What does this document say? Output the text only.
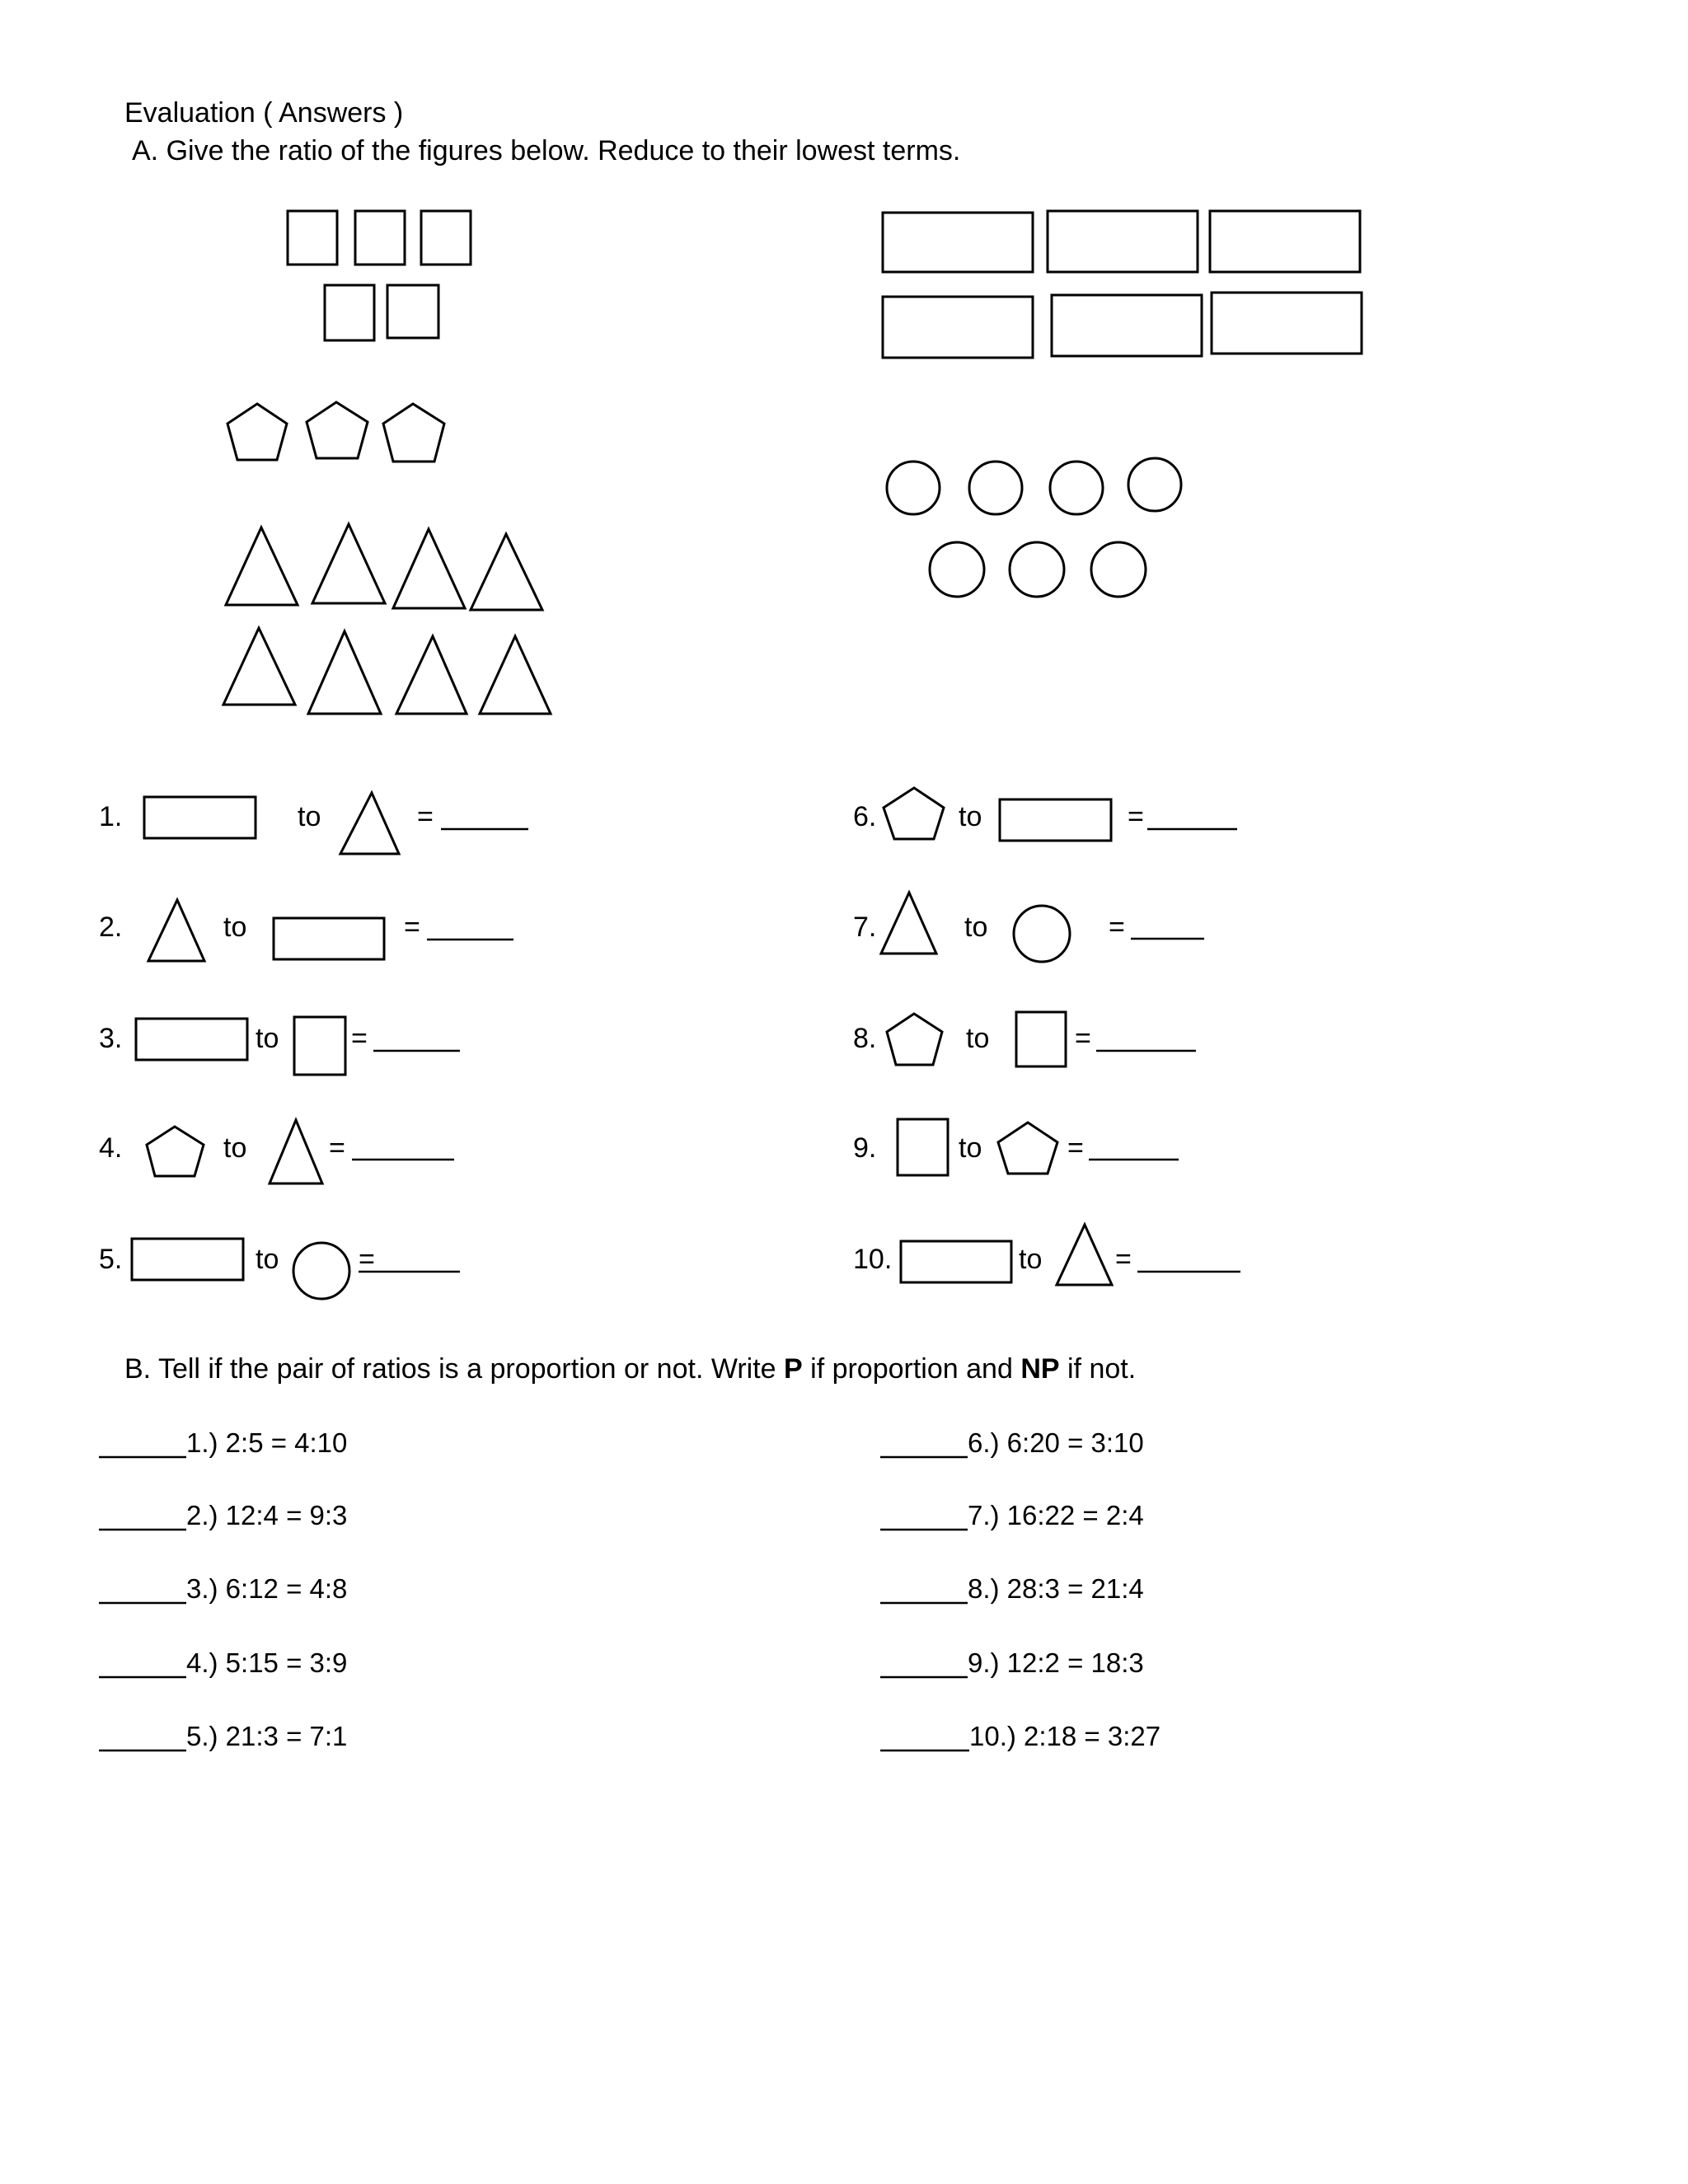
Evaluation ( Answers )
A. Give the ratio of the figures below. Reduce to their lowest terms.
1.	to	=
2.	to	=
3.	to	=
4.	to	=
5.	to	=
6.	to	=
7.	to	=
8.	to	=
9.	to	=
10.	to	=
B. Tell if the pair of ratios is a proportion or not. Write P if proportion and NP if not.
1.) 2:5 = 4:10
2.) 12:4 = 9:3
3.) 6:12 = 4:8
4.) 5:15 = 3:9
5.) 21:3 = 7:1
6.) 6:20 = 3:10
7.) 16:22 = 2:4
8.) 28:3 = 21:4
9.) 12:2 = 18:3
10.) 2:18 = 3:27
